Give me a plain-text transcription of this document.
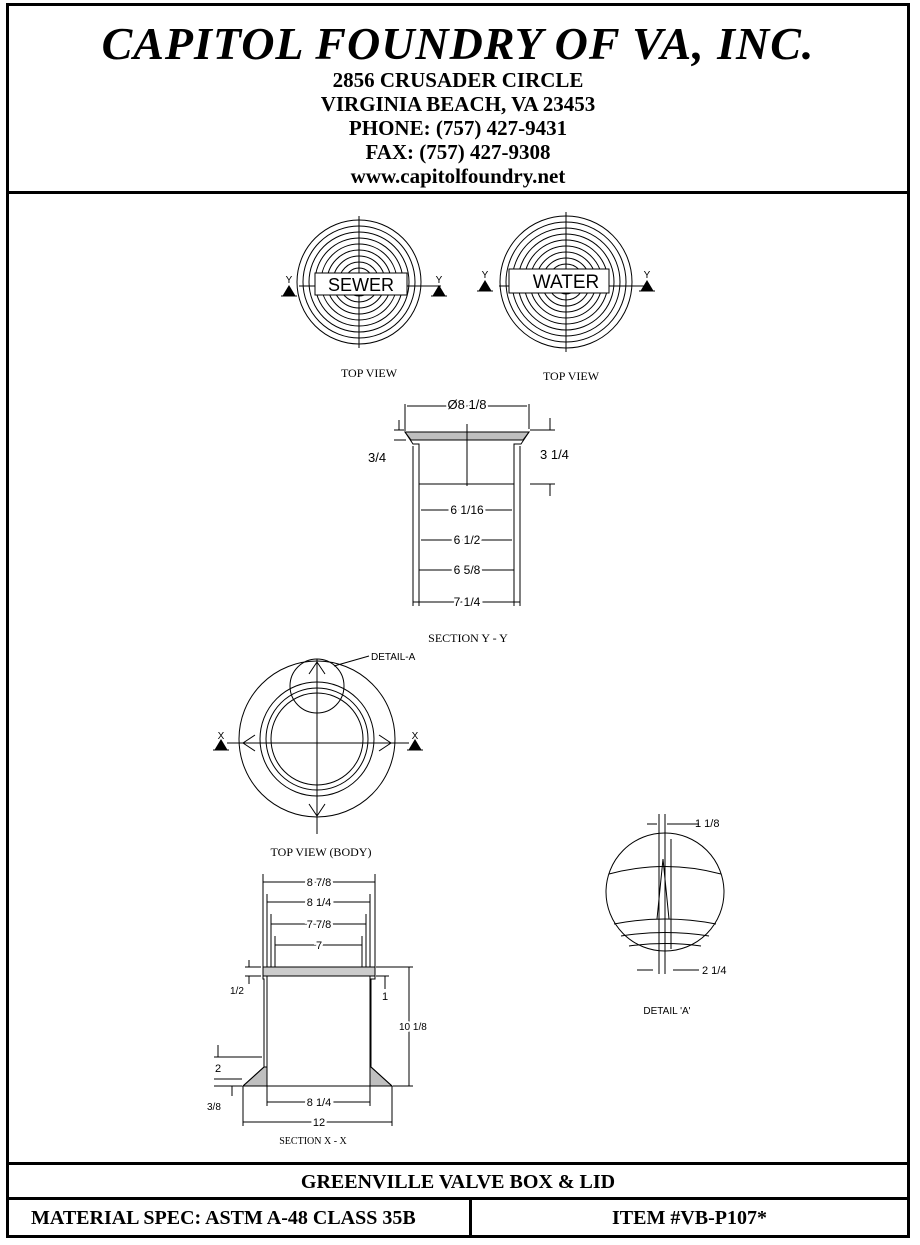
CAPITOL FOUNDRY OF VA, INC.
2856 CRUSADER CIRCLE
VIRGINIA BEACH, VA 23453
PHONE: (757) 427-9431
FAX: (757) 427-9308
www.capitolfoundry.net
SEWER
Y	Y
TOP VIEW
WATER
Y	Y
TOP VIEW
Ø8 1/8
3/4	3 1/4
6 1/16
6 1/2
6 5/8
7 1/4
SECTION Y - Y
DETAIL-A
X	X
TOP VIEW (BODY)
1 1/8
2 1/4
DETAIL 'A'
8 7/8
8 1/4
7 7/8
7
1/2
2
3/8
1
10 1/8
8 1/4
12
SECTION X - X
GREENVILLE VALVE BOX & LID
MATERIAL SPEC: ASTM A-48 CLASS 35B	ITEM #VB-P107*
